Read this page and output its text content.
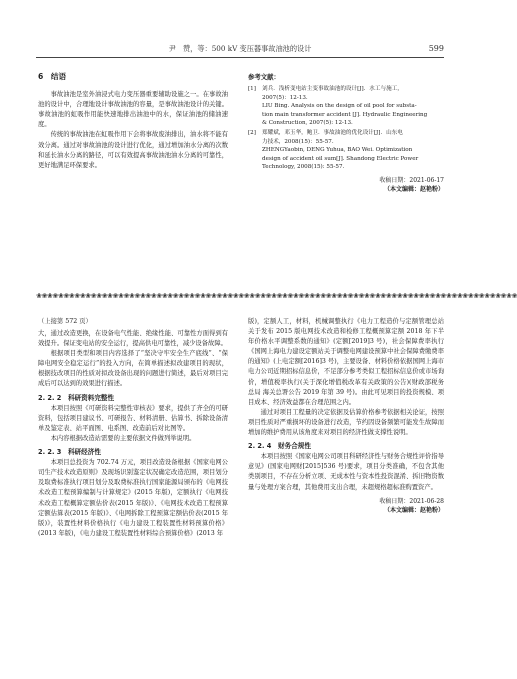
尹　赞，等：500 kV 变压器事故油池的设计	599
6　结语

事故油池是室外油浸式电力变压器重要辅助设施之一。在事故油池的设计中，合理地设计事故油池的容量，是事故油池设计的关键。事故油池的虹吸作用能快速地排出油池中的水，保证油池的储油速度。

传统的事故油池在虹吸作用下会将事故废油排出，油水将不能有效分离。通过对事故油池的设计进行优化，通过增加油水分离的次数和延长油水分离的路径，可以有效提高事故油池油水分离的可靠性，更好地满足环保要求。

参考文献：
[1]	刘兵．浅析变电站主变事故油池的设计[J]．水工与施工，
2007(5)：12-13.
LIU Bing. Analysis on the design of oil pool for substa-
tion main transformer accident [J]. Hydraulic Engineering
& Construction, 2007(5): 12-13.
[2]	郑耀斌，邓玉华，鲍卫．事故油池的优化设计[J]．山东电
力技术，2008(15)：55-57.
ZHENGYaobin, DENG Yuhua, BAO Wei. Optimization
design of accident oil sum[J]. Shandong Electric Power
Technology, 2008(15): 55-57.
收稿日期：2021-06-17
（本文编辑：赵艳粉）
❀❀❀❀❀❀❀❀❀❀❀❀❀❀❀❀❀❀❀❀❀❀❀❀❀❀❀❀❀❀❀❀❀❀❀❀❀❀❀❀❀❀❀❀❀❀❀❀❀❀❀❀❀❀❀❀❀❀❀❀❀❀❀❀❀❀❀❀❀❀❀❀❀❀❀❀❀❀❀❀❀❀❀❀❀❀❀❀
（上接第 572 页）

大，通过改造更换，在设备电气性能、绝缘性能、可靠性方面得到有效提升。保证变电站的安全运行，提高供电可靠性，减少设备故障。

根据项目类型和项目内容选择了“坚决守牢安全生产底线”、“保障电网安全稳定运行”的投入方向，在简单描述拟改建项目的现状，根据技改项目的性质对拟改设备出现的问题进行简述，最后对项目完成后可以达到的效果进行描述。

2. 2. 2　科研资料完整性

本项目按照《可研资料完整性审核表》要求，提供了齐全的可研资料，包括项目建议书、可研报告、材料清册、估算书、拆除设备清单及鉴定表、站平面图、电系图、改造前后对比图等。

本内容根据改造站需要的主要依据文件做列举说明。

2. 2. 3　科研经济性

本项目总投资为 702.74 万元，项目改造设备根据《国家电网公司生产技术改造原则》及现场识别鉴定状况确定改造范围，项目划分及取费标准执行项目划分及取费标准执行国家能源局颁布的《电网技术改造工程预算编制与计算规定》(2015 年版)，定额执行《电网技术改造工程概算定额估价表(2015 年版)》、《电网技术改造工程预算定额估算表(2015 年版)》、《电网拆除工程预算定额估价表(2015 年版)》，装置性材料价格执行《电力建设工程装置性材料预算价格》(2013 年版)，《电力建设工程装置性材料综合预算价格》(2013 年

版)，定额人工，材料，机械调整执行《电力工程造价与定额管理总站关于发布 2015 版电网技术改造和检修工程概预算定额 2018 年下半年价格水平调整系数的通知》(定额[2019]3 号)，社会保障费率执行《国网上海电力建设定额站关于调整电网建设预算中社会保障费缴费率的通知》(上电定额[2016]3 号)，主要设备、材料价格依据国网上海市电力公司近期招标信息价，不足部分参考类似工程招标信息价或市场询价，增值税率执行(关于深化增值税改革有关政策的公告)(财政部税务总局 海关总署公告 2019 年第 39 号)。由此可见项目的投资规模、项目成本、经济效益都在合理范围之内。

通过对项目工程量的决定依据及估算价格参考依据相关论证，按照项目性质对严重损坏的设备进行改造，节约因设备频繁可能发生故障而增加的维护费用从该角度来对项目的经济性做支撑性说明。

2. 2. 4　财务合规性

本项目按照《国家电网公司项目科研经济性与财务合规性评价指导意见》(国家电网财[2015]536 号)要求，项目分类准确，不包含其他类别项目，不存在分析立项、无成本性与资本性投资混淆、拆旧物资数量与处理方案合理，其他费用支出合理，未超规格超标准购置资产。

收稿日期：2021-06-28
（本文编辑：赵艳粉）
